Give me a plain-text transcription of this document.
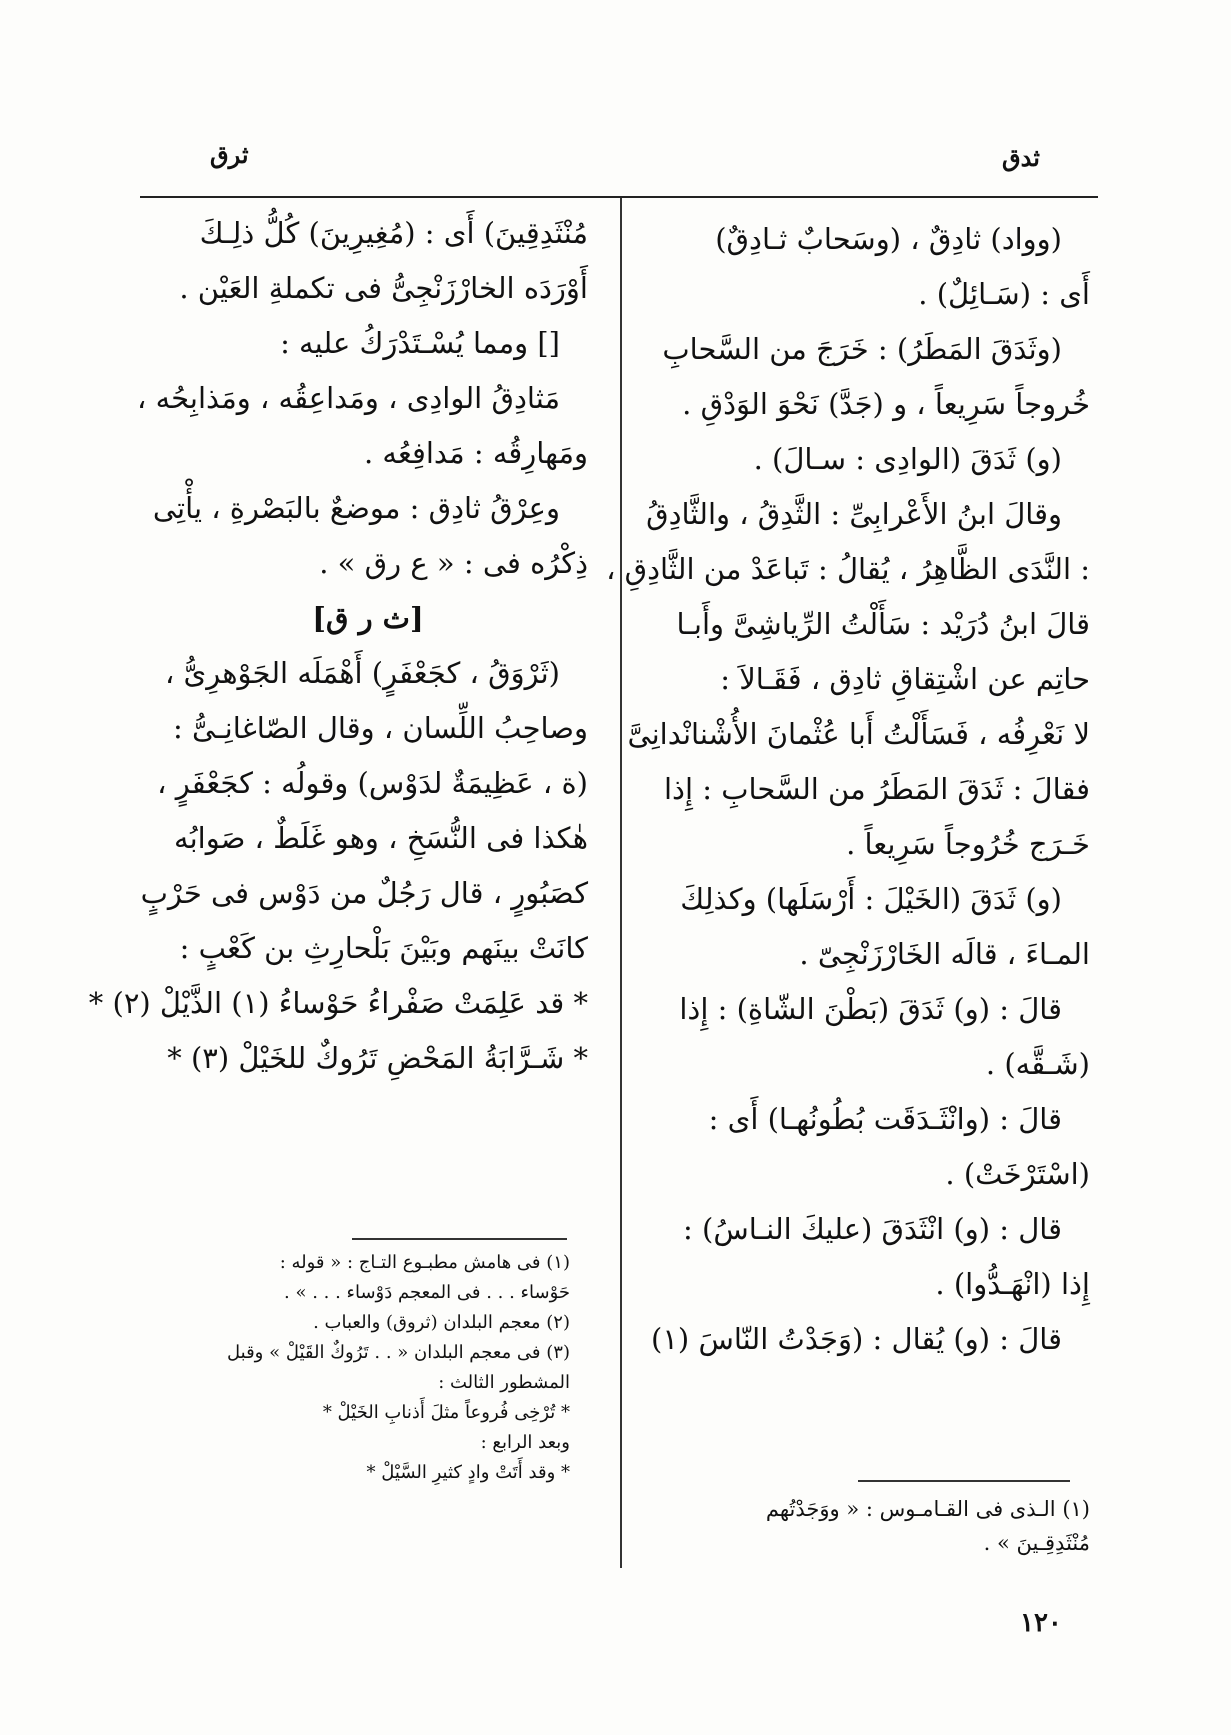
ثدق
ثرق
(وواد) ثادِقٌ ، (وسَحابٌ ثـادِقٌ)
أَى : (سَـائِلٌ) .
(وثَدَقَ المَطَرُ) : خَرَجَ من السَّحابِ
خُروجاً سَرِيعاً ، و (جَدَّ) نَحْوَ الوَدْقِ .
(و) ثَدَقَ (الوادِى : سـالَ) .
وقالَ ابنُ الأَعْرابِىِّ : الثَّدِقُ ، والثَّادِقُ
: النَّدَى الظَّاهِرُ ، يُقالُ : تَباعَدْ من الثَّادِقِ ،
قالَ ابنُ دُرَيْد : سَأَلْتُ الرِّياشِىَّ وأَبـا
حاتِم عن اشْتِقاقِ ثادِق ، فَقَـالاَ :
لا نَعْرِفُه ، فَسَأَلْتُ أَبا عُثْمانَ الأُشْنانْدانِىَّ
فقالَ : ثَدَقَ المَطَرُ من السَّحابِ : إِذا
خَـرَج خُرُوجاً سَرِيعاً .
(و) ثَدَقَ (الخَيْلَ : أَرْسَلَها) وكذلِكَ
المـاءَ ، قالَه الخَارْزَنْجِىّ .
قالَ : (و) ثَدَقَ (بَطْنَ الشّاةِ) : إِذا
(شَـقَّه) .
قالَ : (وانْثَـدَقَت بُطُونُهـا) أَى :
(اسْتَرْخَتْ) .
قال : (و) انْثَدَقَ (عليكَ النـاسُ) :
إِذا (انْهَـدُّوا) .
قالَ : (و) يُقال : (وَجَدْتُ النّاسَ (١)
(١) الـذى فى القـامـوس : « ووَجَدْتُهم
مُنْثَدِقِـينَ » .
مُنْثَدِقِينَ) أَى : (مُغِيرِينَ) كُلُّ ذلِـكَ
أَوْرَدَه الخارْزَنْجِىُّ فى تكملةِ العَيْن .
[] ومما يُسْـتَدْرَكُ عليه :
مَثادِقُ الوادِى ، ومَداعِقُه ، ومَذابِحُه ،
ومَهارِقُه : مَدافِعُه .
وعِرْقُ ثادِق : موضعٌ بالبَصْرةِ ، يأْتِى
ذِكْرُه فى : « ع رق » .
[ث ر ق]
(ثَرْوَقُ ، كجَعْفَرٍ) أَهْمَلَه الجَوْهرِىُّ ،
وصاحِبُ اللِّسان ، وقال الصّاغانِـىُّ :
(ة ، عَظِيمَةٌ لدَوْس) وقولُه : كجَعْفَرٍ ،
هٰكذا فى النُّسَخِ ، وهو غَلَطٌ ، صَوابُه
كصَبُورٍ ، قال رَجُلٌ من دَوْس فى حَرْبٍ
كانَتْ بينَهم وبَيْنَ بَلْحارِثِ بن كَعْبٍ :
* قد عَلِمَتْ صَفْراءُ حَوْساءُ (١) الذَّيْلْ (٢) *
* شَـرَّابَةُ المَحْضِ تَرُوكٌ للخَيْلْ (٣) *
(١) فى هامش مطبـوع التـاج : « قوله :
حَوْساء . . . فى المعجم دَوْساء . . . » .
(٢) معجم البلدان (ثروق) والعباب .
(٣) فى معجم البلدان « . . تَرُوكٌ القَيْلْ » وقبل
المشطور الثالث :
* تُرْخِى فُروعاً مثلَ أَذنابِ الخَيْلْ *
وبعد الرابع :
* وقد أَتَتْ وادٍ كثيرِ السَّيْلْ *
١٢٠
